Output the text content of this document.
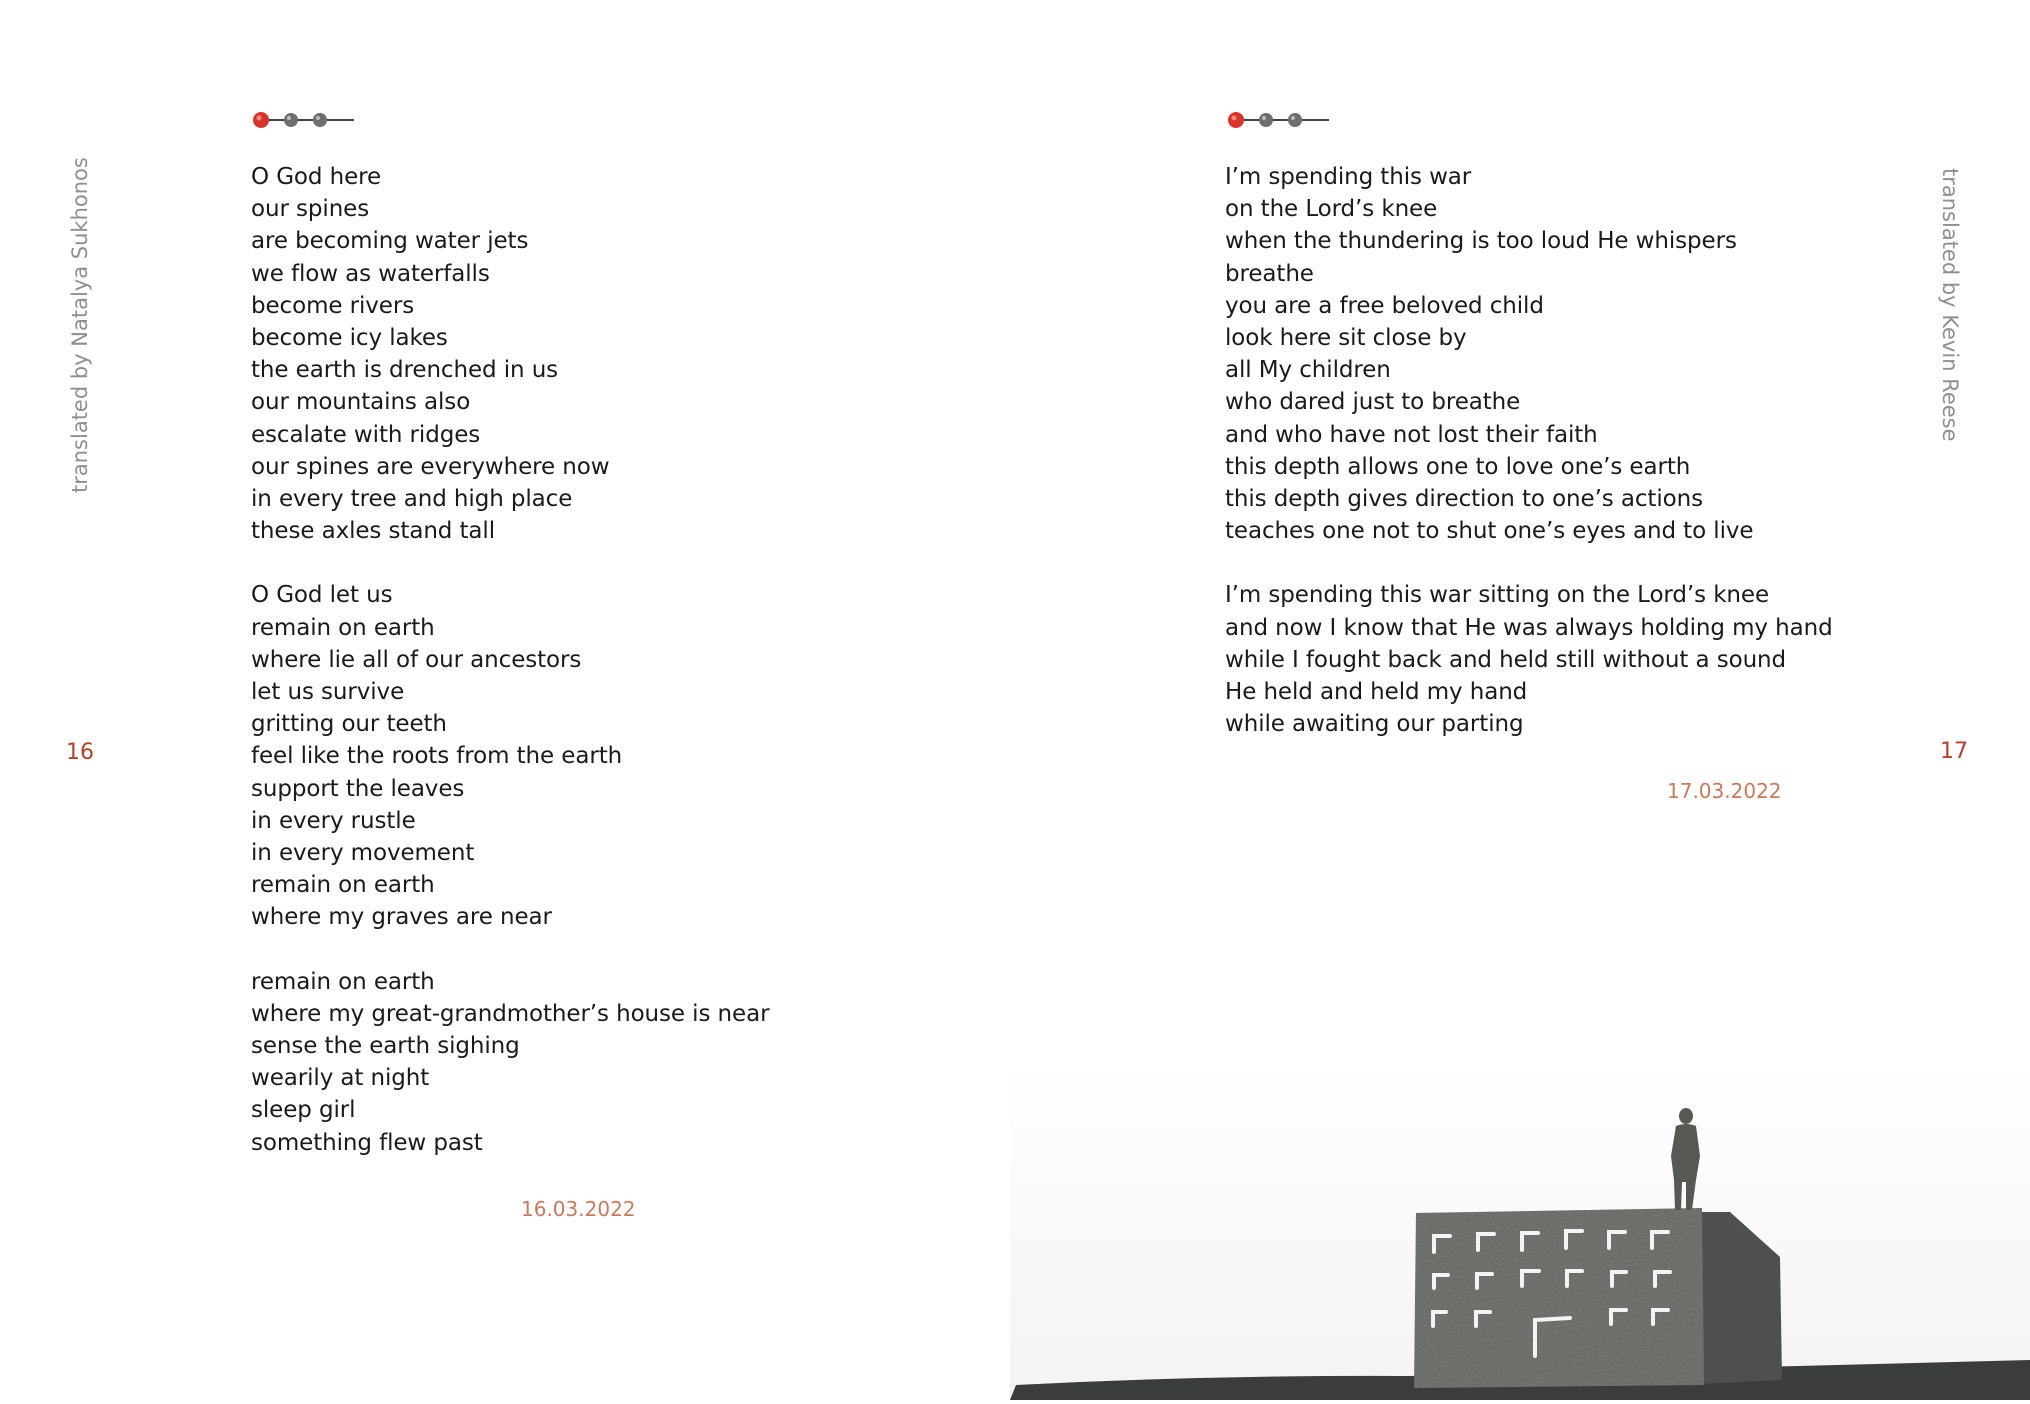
translated by Natalya Sukhonos
16
O God here
our spines
are becoming water jets
we flow as waterfalls
become rivers
become icy lakes
the earth is drenched in us
our mountains also
escalate with ridges
our spines are everywhere now
in every tree and high place
these axles stand tall

O God let us
remain on earth
where lie all of our ancestors
let us survive
gritting our teeth
feel like the roots from the earth
support the leaves
in every rustle
in every movement
remain on earth
where my graves are near

remain on earth
where my great-grandmother’s house is near
sense the earth sighing
wearily at night
sleep girl
something flew past
16.03.2022
translated by Kevin Reese
17
I’m spending this war
on the Lord’s knee
when the thundering is too loud He whispers
breathe
you are a free beloved child
look here sit close by
all My children
who dared just to breathe
and who have not lost their faith
this depth allows one to love one’s earth
this depth gives direction to one’s actions
teaches one not to shut one’s eyes and to live

I’m spending this war sitting on the Lord’s knee
and now I know that He was always holding my hand
while I fought back and held still without a sound
He held and held my hand
while awaiting our parting
17.03.2022
